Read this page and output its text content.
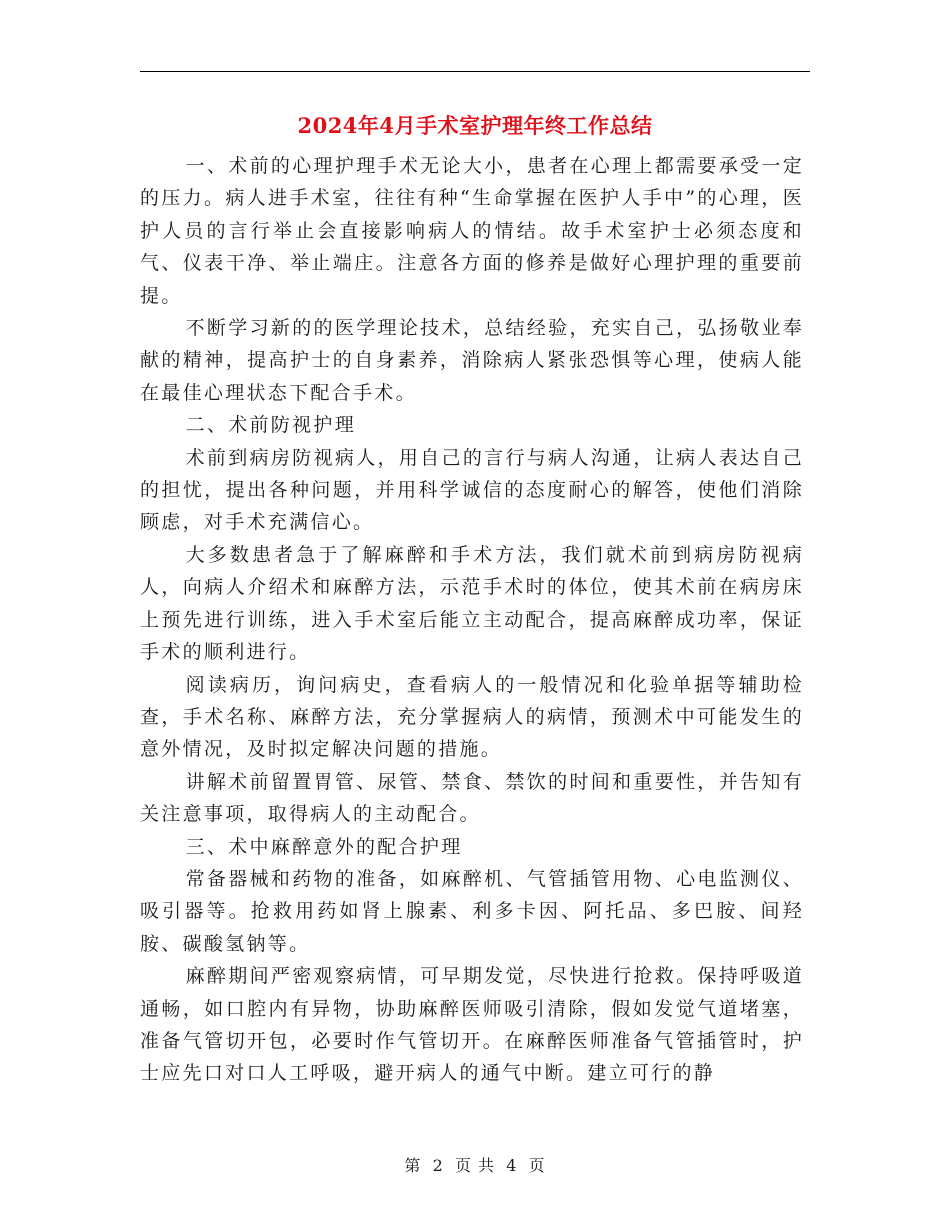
2024年4月手术室护理年终工作总结

一、术前的心理护理手术无论大小，患者在心理上都需要承受一定的压力。病人进手术室，往往有种“生命掌握在医护人手中”的心理，医护人员的言行举止会直接影响病人的情结。故手术室护士必须态度和气、仪表干净、举止端庄。注意各方面的修养是做好心理护理的重要前提。

不断学习新的的医学理论技术，总结经验，充实自己，弘扬敬业奉献的精神，提高护士的自身素养，消除病人紧张恐惧等心理，使病人能在最佳心理状态下配合手术。

二、术前防视护理

术前到病房防视病人，用自己的言行与病人沟通，让病人表达自己的担忧，提出各种问题，并用科学诚信的态度耐心的解答，使他们消除顾虑，对手术充满信心。

大多数患者急于了解麻醉和手术方法，我们就术前到病房防视病人，向病人介绍术和麻醉方法，示范手术时的体位，使其术前在病房床上预先进行训练，进入手术室后能立主动配合，提高麻醉成功率，保证手术的顺利进行。

阅读病历，询问病史，查看病人的一般情况和化验单据等辅助检查，手术名称、麻醉方法，充分掌握病人的病情，预测术中可能发生的意外情况，及时拟定解决问题的措施。

讲解术前留置胃管、尿管、禁食、禁饮的时间和重要性，并告知有关注意事项，取得病人的主动配合。

三、术中麻醉意外的配合护理

常备器械和药物的准备，如麻醉机、气管插管用物、心电监测仪、吸引器等。抢救用药如肾上腺素、利多卡因、阿托品、多巴胺、间羟胺、碳酸氢钠等。

麻醉期间严密观察病情，可早期发觉，尽快进行抢救。保持呼吸道通畅，如口腔内有异物，协助麻醉医师吸引清除，假如发觉气道堵塞，准备气管切开包，必要时作气管切开。在麻醉医师准备气管插管时，护士应先口对口人工呼吸，避开病人的通气中断。建立可行的静

第 2 页 共 4 页
